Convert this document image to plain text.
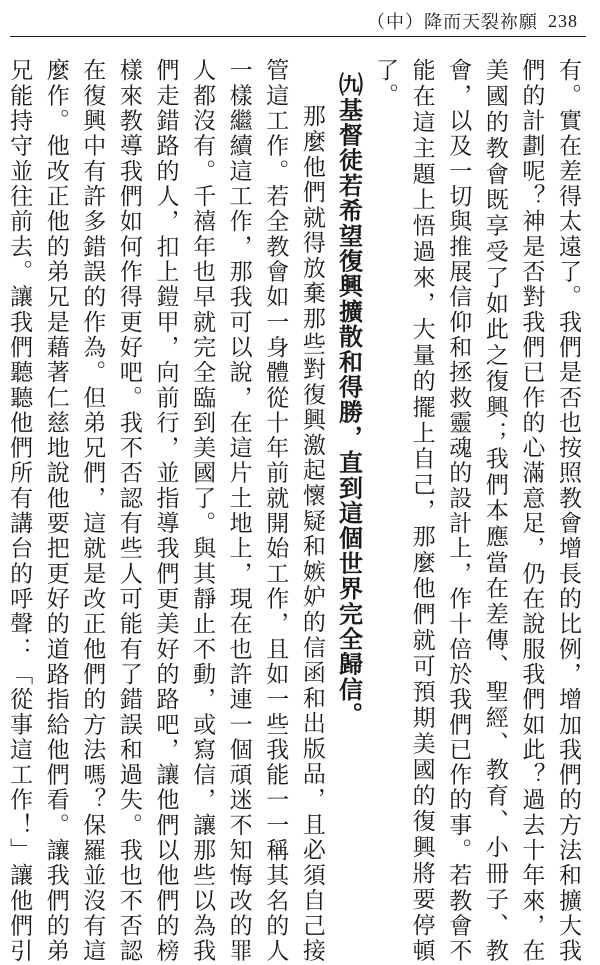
（中）降而天裂祢願 238

有。實在差得太遠了。我們是否也按照教會增長的比例，增加我們的方法和擴大我們的計劃呢？神是否對我們已作的心滿意足，仍在說服我們如此？過去十年來，在美國的教會既享受了如此之復興；我們本應當在差傳、聖經、教育、小冊子、教會，以及一切與推展信仰和拯救靈魂的設計上，作十倍於我們已作的事。若教會不能在這主題上悟過來，大量的擺上自己，那麼他們就可預期美國的復興將要停頓了。

㈨基督徒若希望復興擴散和得勝，直到這個世界完全歸信。

那麼他們就得放棄那些對復興激起懷疑和嫉妒的信函和出版品，且必須自己接管這工作。若全教會如一身體從十年前就開始工作，且如一些我能一一稱其名的人一樣繼續這工作，那我可以說，在這片土地上，現在也許連一個頑迷不知悔改的罪人都沒有。千禧年也早就完全臨到美國了。與其靜止不動，或寫信，讓那些以為我們走錯路的人，扣上鎧甲，向前行，並指導我們更美好的路吧，讓他們以他們的榜樣來教導我們如何作得更好吧。我不否認有些人可能有了錯誤和過失。我也不否認在復興中有許多錯誤的作為。但弟兄們，這就是改正他們的方法嗎？保羅並沒有這麼作。他改正他的弟兄是藉著仁慈地說他要把更好的道路指給他們看。讓我們的弟兄能持守並往前去。讓我們聽聽他們所有講台的呼聲：「從事這工作！」讓他們引
